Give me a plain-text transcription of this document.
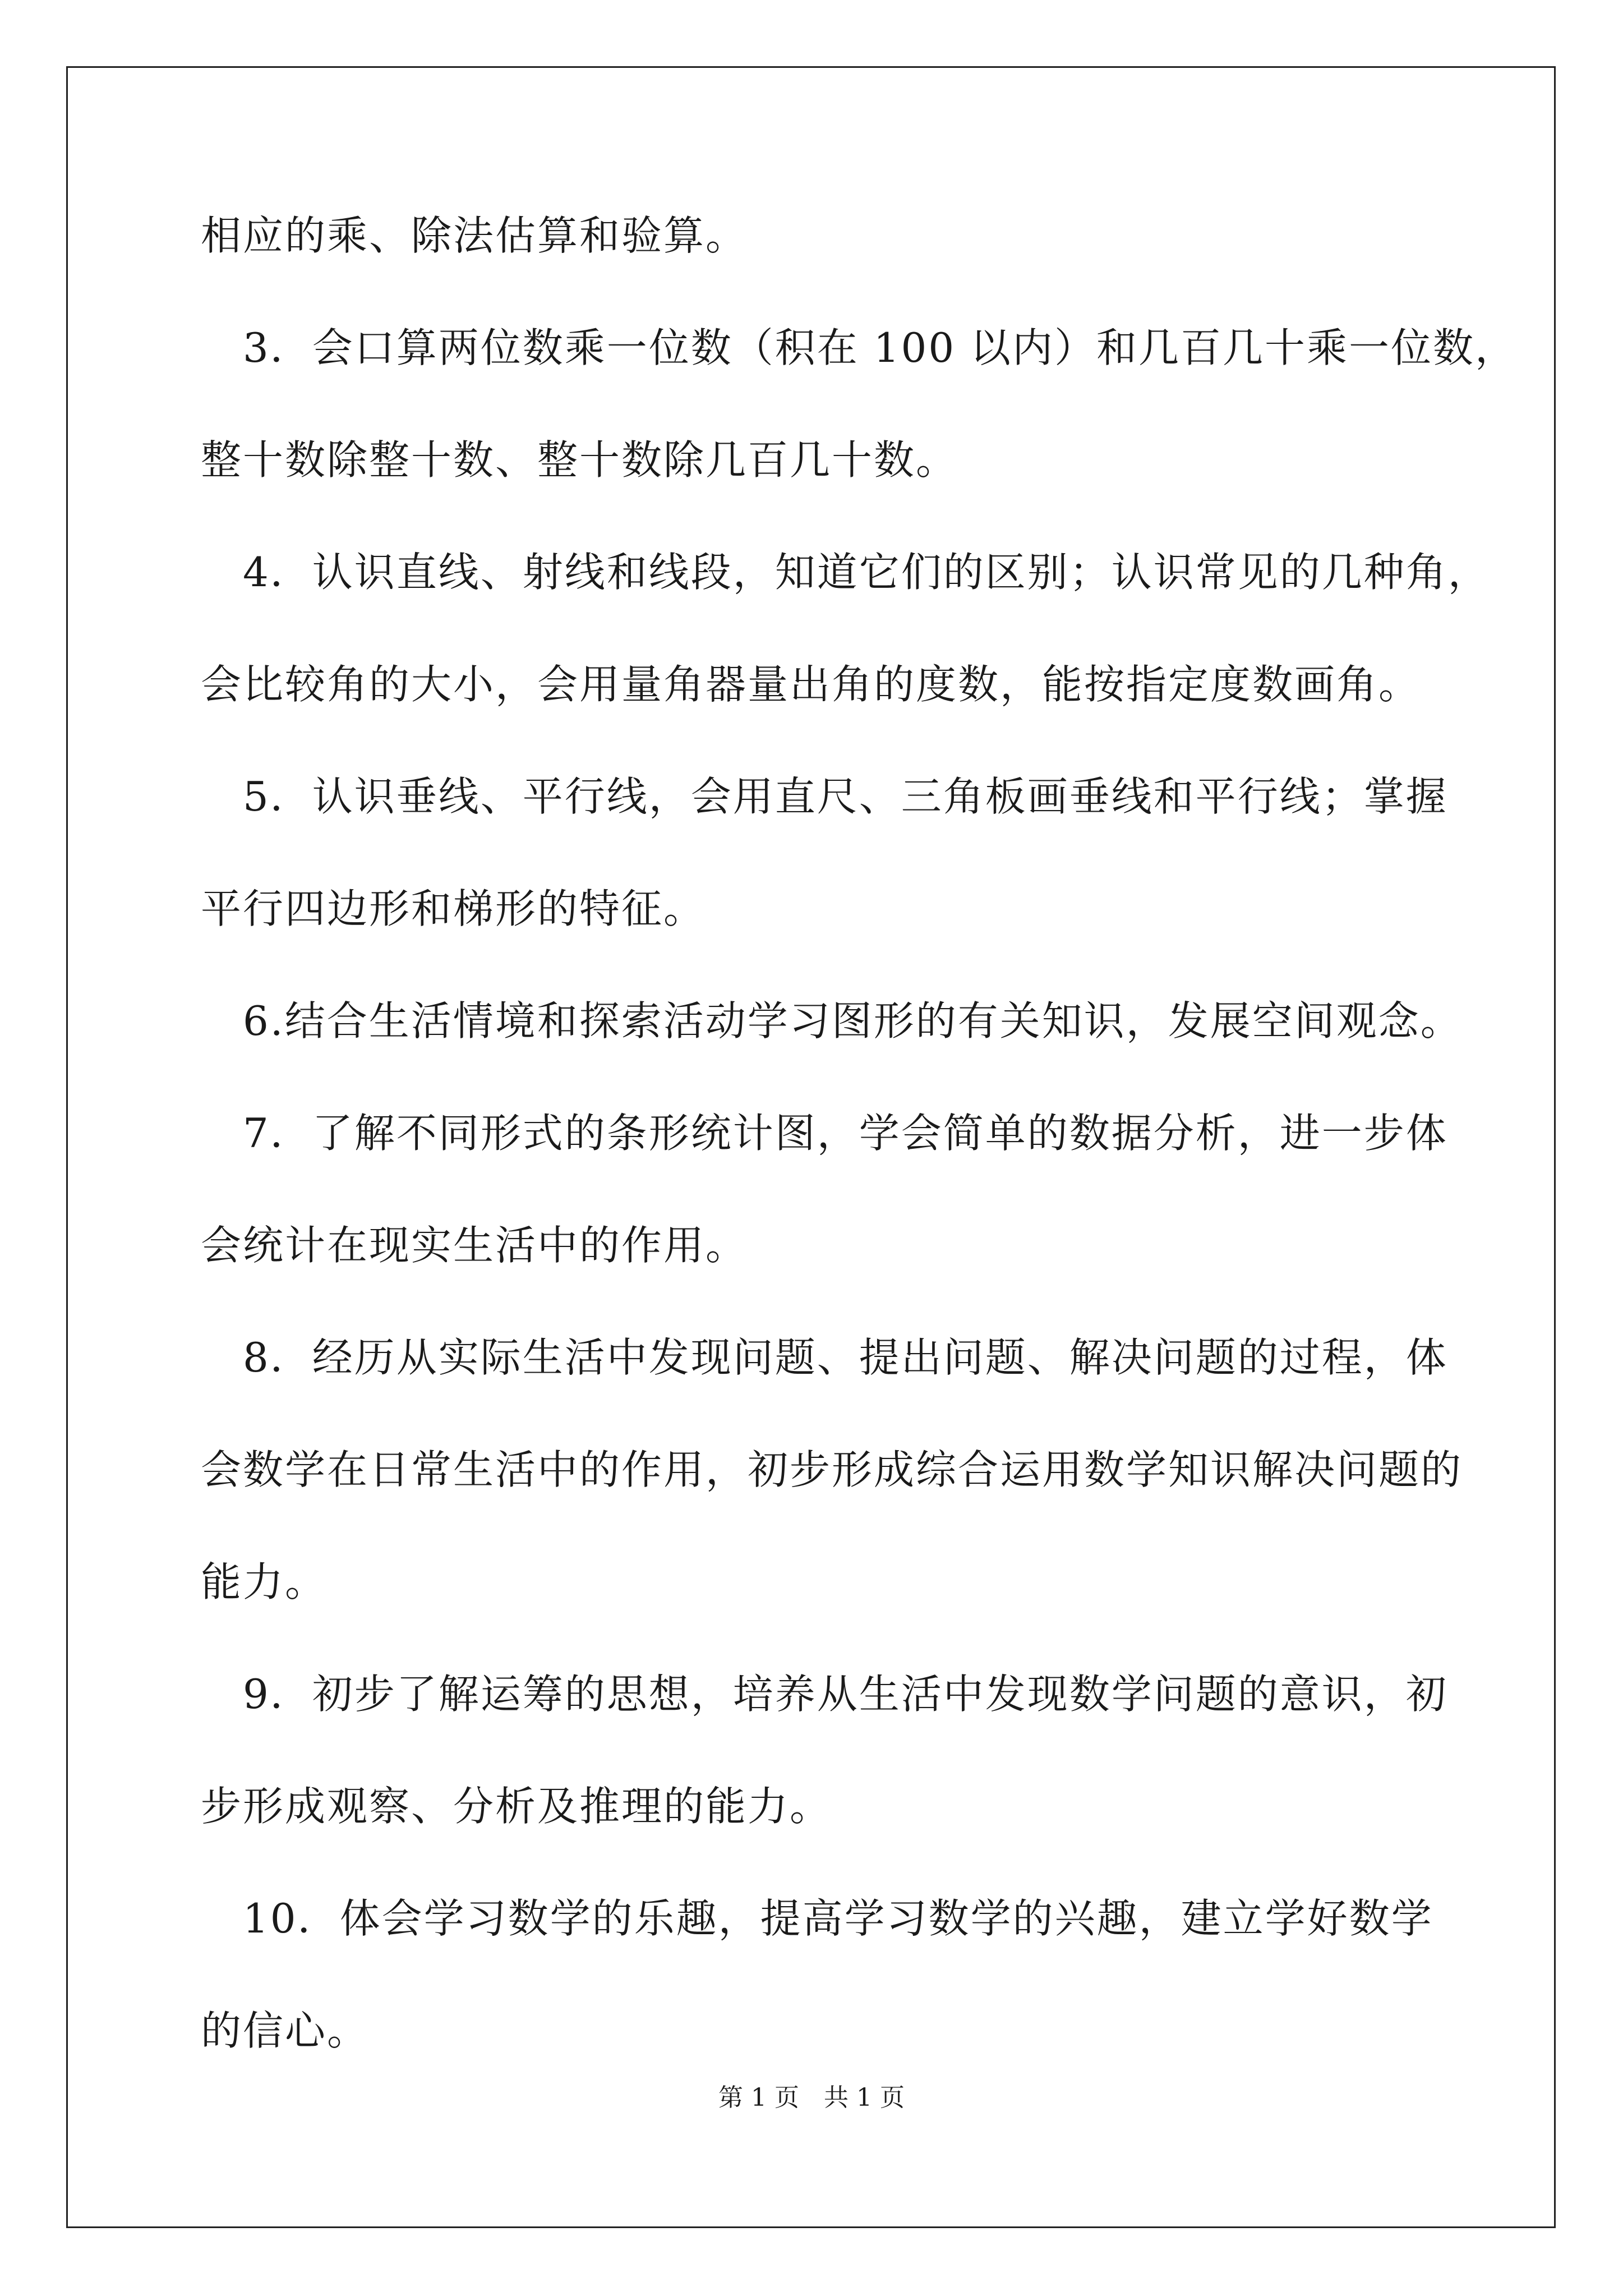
相应的乘、除法估算和验算。
　3．会口算两位数乘一位数（积在 100 以内）和几百几十乘一位数，
整十数除整十数、整十数除几百几十数。
　4．认识直线、射线和线段，知道它们的区别；认识常见的几种角，
会比较角的大小，会用量角器量出角的度数，能按指定度数画角。
　5．认识垂线、平行线，会用直尺、三角板画垂线和平行线；掌握
平行四边形和梯形的特征。
　6.结合生活情境和探索活动学习图形的有关知识，发展空间观念。
　7．了解不同形式的条形统计图，学会简单的数据分析，进一步体
会统计在现实生活中的作用。
　8．经历从实际生活中发现问题、提出问题、解决问题的过程，体
会数学在日常生活中的作用，初步形成综合运用数学知识解决问题的
能力。
　9．初步了解运筹的思想，培养从生活中发现数学问题的意识，初
步形成观察、分析及推理的能力。
　10．体会学习数学的乐趣，提高学习数学的兴趣，建立学好数学
的信心。
第 1 页　共 1 页
